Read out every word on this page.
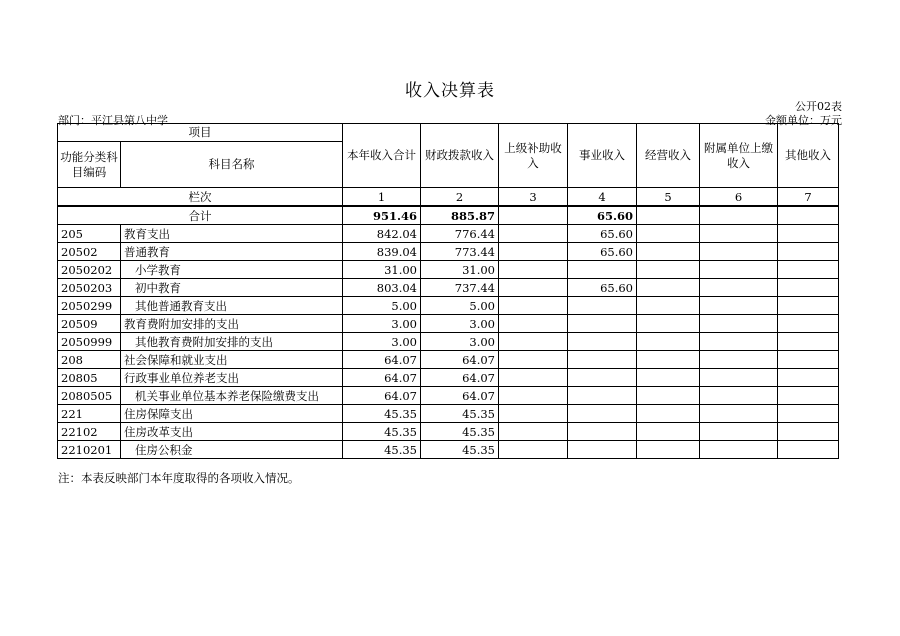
收入决算表
公开02表
部门：平江县第八中学	金额单位：万元
项目		本年收入合计	财政拨款收入	上级补助收入	事业收入	经营收入	附属单位上缴收入	其他收入
功能分类科目编码	科目名称							
栏次		1	2	3	4	5	6	7
合计		951.46	885.87		65.60			
205	教育支出	842.04	776.44		65.60			
20502	普通教育	839.04	773.44		65.60			
2050202	小学教育	31.00	31.00					
2050203	初中教育	803.04	737.44		65.60			
2050299	其他普通教育支出	5.00	5.00					
20509	教育费附加安排的支出	3.00	3.00					
2050999	其他教育费附加安排的支出	3.00	3.00					
208	社会保障和就业支出	64.07	64.07					
20805	行政事业单位养老支出	64.07	64.07					
2080505	机关事业单位基本养老保险缴费支出	64.07	64.07					
221	住房保障支出	45.35	45.35					
22102	住房改革支出	45.35	45.35					
2210201	住房公积金	45.35	45.35					
注：本表反映部门本年度取得的各项收入情况。
